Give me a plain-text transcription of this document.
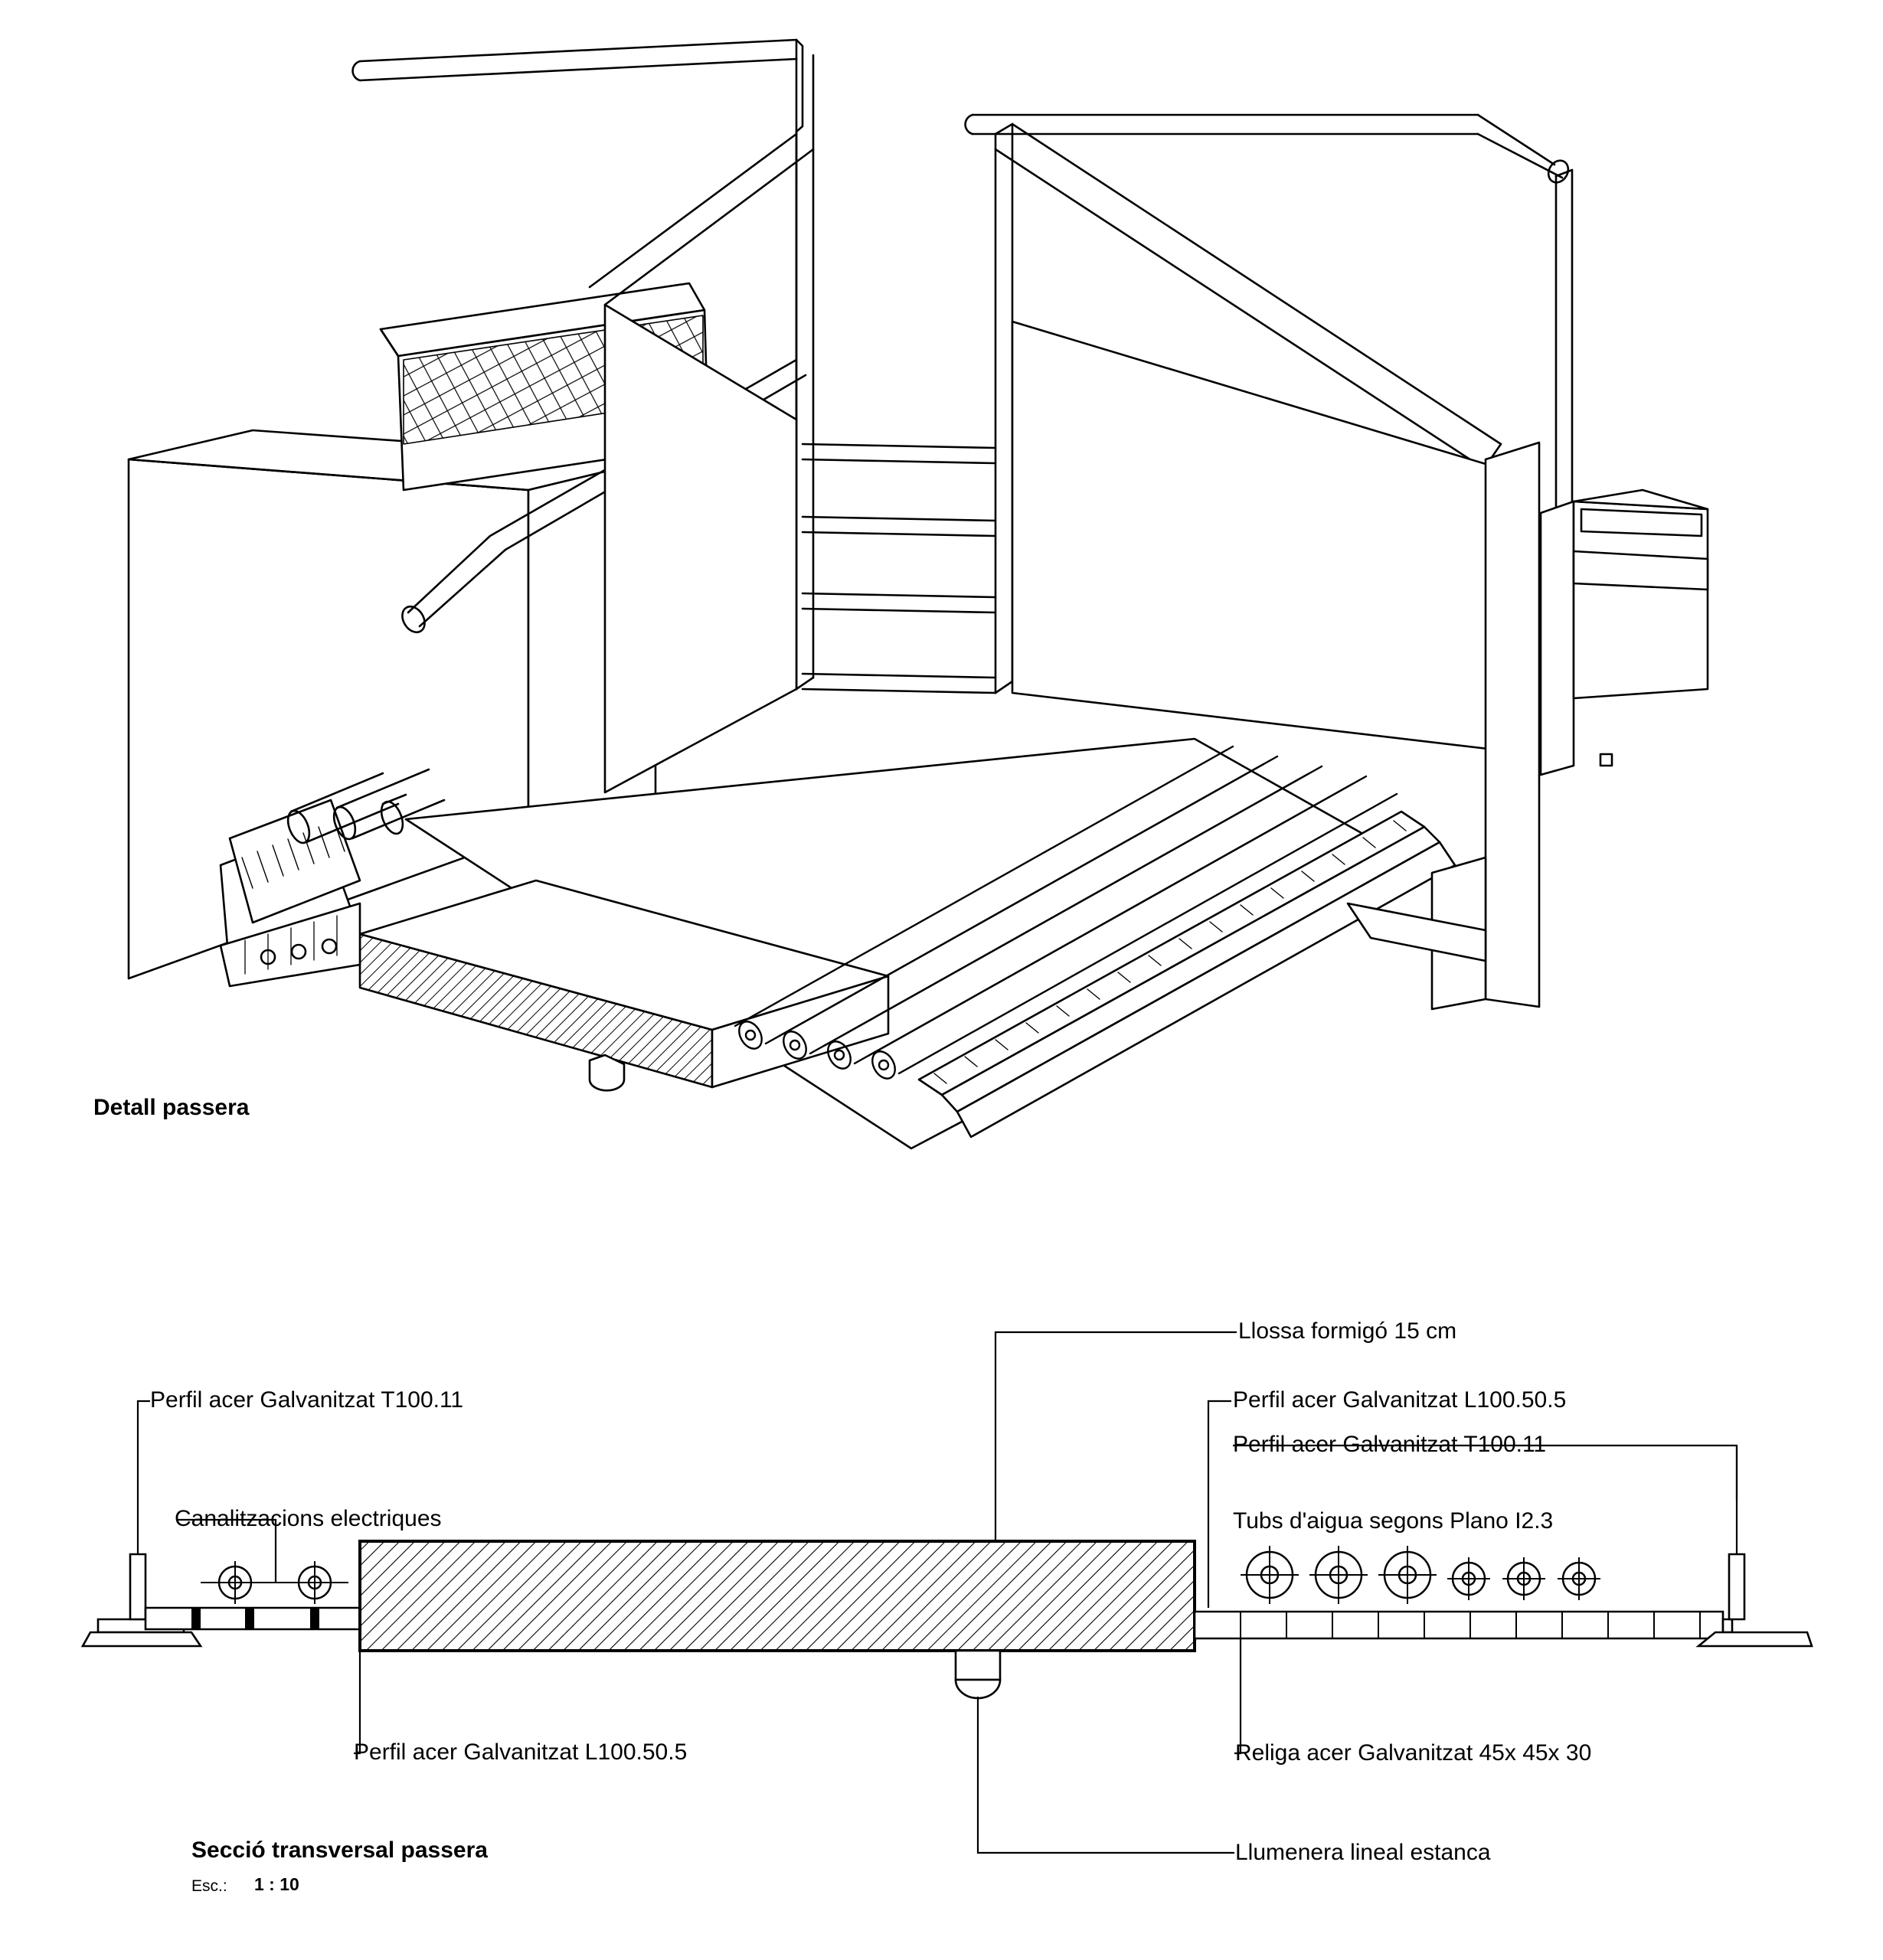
Detall passera
Perfil acer Galvanitzat T100.11
Canalitzacions electriques
Perfil acer Galvanitzat L100.50.5
Llossa formigó 15 cm
Perfil acer Galvanitzat L100.50.5
Perfil acer Galvanitzat T100.11
Tubs d'aigua segons Plano I2.3
Religa acer Galvanitzat 45x 45x 30
Llumenera lineal estanca
Secció transversal passera
Esc.: 1 : 10
